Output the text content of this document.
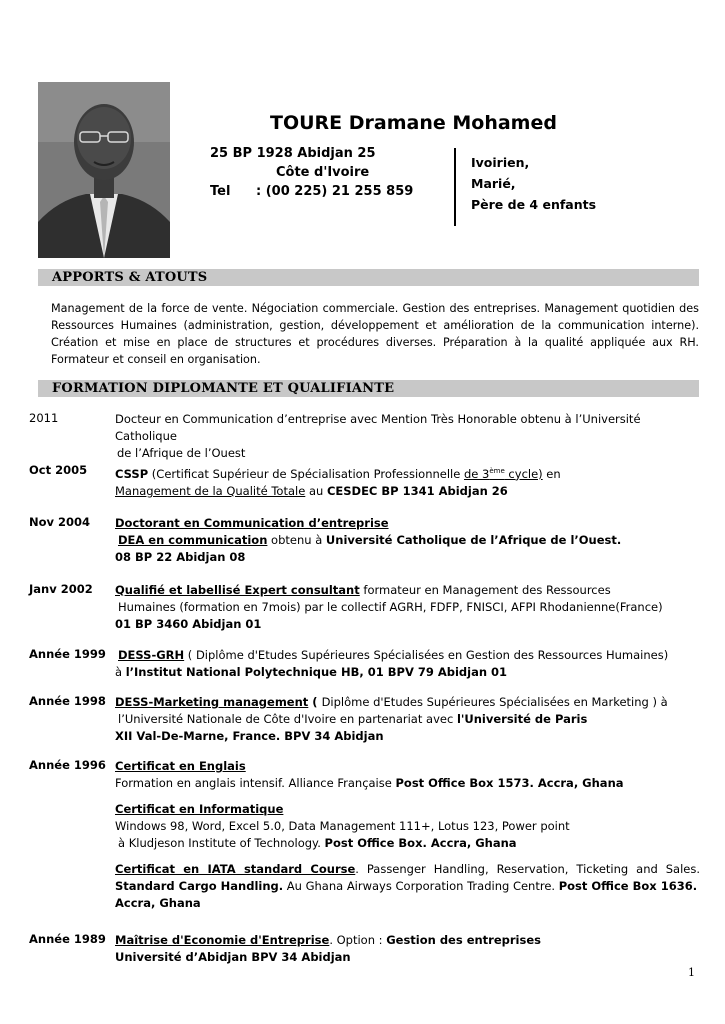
TOURE Dramane Mohamed
25 BP 1928 Abidjan 25
Côte d'Ivoire
Tel : (00 225) 21 255 859
Ivoirien,
Marié,
Père de 4 enfants
APPORTS & ATOUTS
Management de la force de vente. Négociation commerciale. Gestion des entreprises. Management quotidien des Ressources Humaines (administration, gestion, développement et amélioration de la communication interne). Création et mise en place de structures et procédures diverses. Préparation à la qualité appliquée aux RH. Formateur et conseil en organisation.
FORMATION DIPLOMANTE ET QUALIFIANTE
2011	Docteur en Communication d’entreprise avec Mention Très Honorable obtenu à l’Université Catholique
de l’Afrique de l’Ouest
Oct 2005 CSSP (Certificat Supérieur de Spécialisation Professionnelle de 3ème cycle) en
Management de la Qualité Totale au CESDEC BP 1341 Abidjan 26
Nov 2004 Doctorant en Communication d’entreprise
DEA en communication obtenu à Université Catholique de l’Afrique de l’Ouest.
08 BP 22 Abidjan 08
Janv 2002 Qualifié et labellisé Expert consultant formateur en Management des Ressources
Humaines (formation en 7mois) par le collectif AGRH, FDFP, FNISCI, AFPI Rhodanienne(France)
01 BP 3460 Abidjan 01
Année 1999 DESS-GRH ( Diplôme d'Etudes Supérieures Spécialisées en Gestion des Ressources Humaines)
à l’Institut National Polytechnique HB, 01 BPV 79 Abidjan 01
Année 1998 DESS-Marketing management ( Diplôme d'Etudes Supérieures Spécialisées en Marketing ) à
l’Université Nationale de Côte d'Ivoire en partenariat avec l'Université de Paris
XII Val-De-Marne, France. BPV 34 Abidjan
Année 1996 Certificat en Englais
Formation en anglais intensif. Alliance Française Post Office Box 1573. Accra, Ghana
Certificat en Informatique
Windows 98, Word, Excel 5.0, Data Management 111+, Lotus 123, Power point
à Kludjeson Institute of Technology. Post Office Box. Accra, Ghana
Certificat en IATA standard Course. Passenger Handling, Reservation, Ticketing and Sales. Standard Cargo Handling. Au Ghana Airways Corporation Trading Centre. Post Office Box 1636.
Accra, Ghana
Année 1989 Maîtrise d'Economie d'Entreprise. Option : Gestion des entreprises
Université d’Abidjan BPV 34 Abidjan
1
